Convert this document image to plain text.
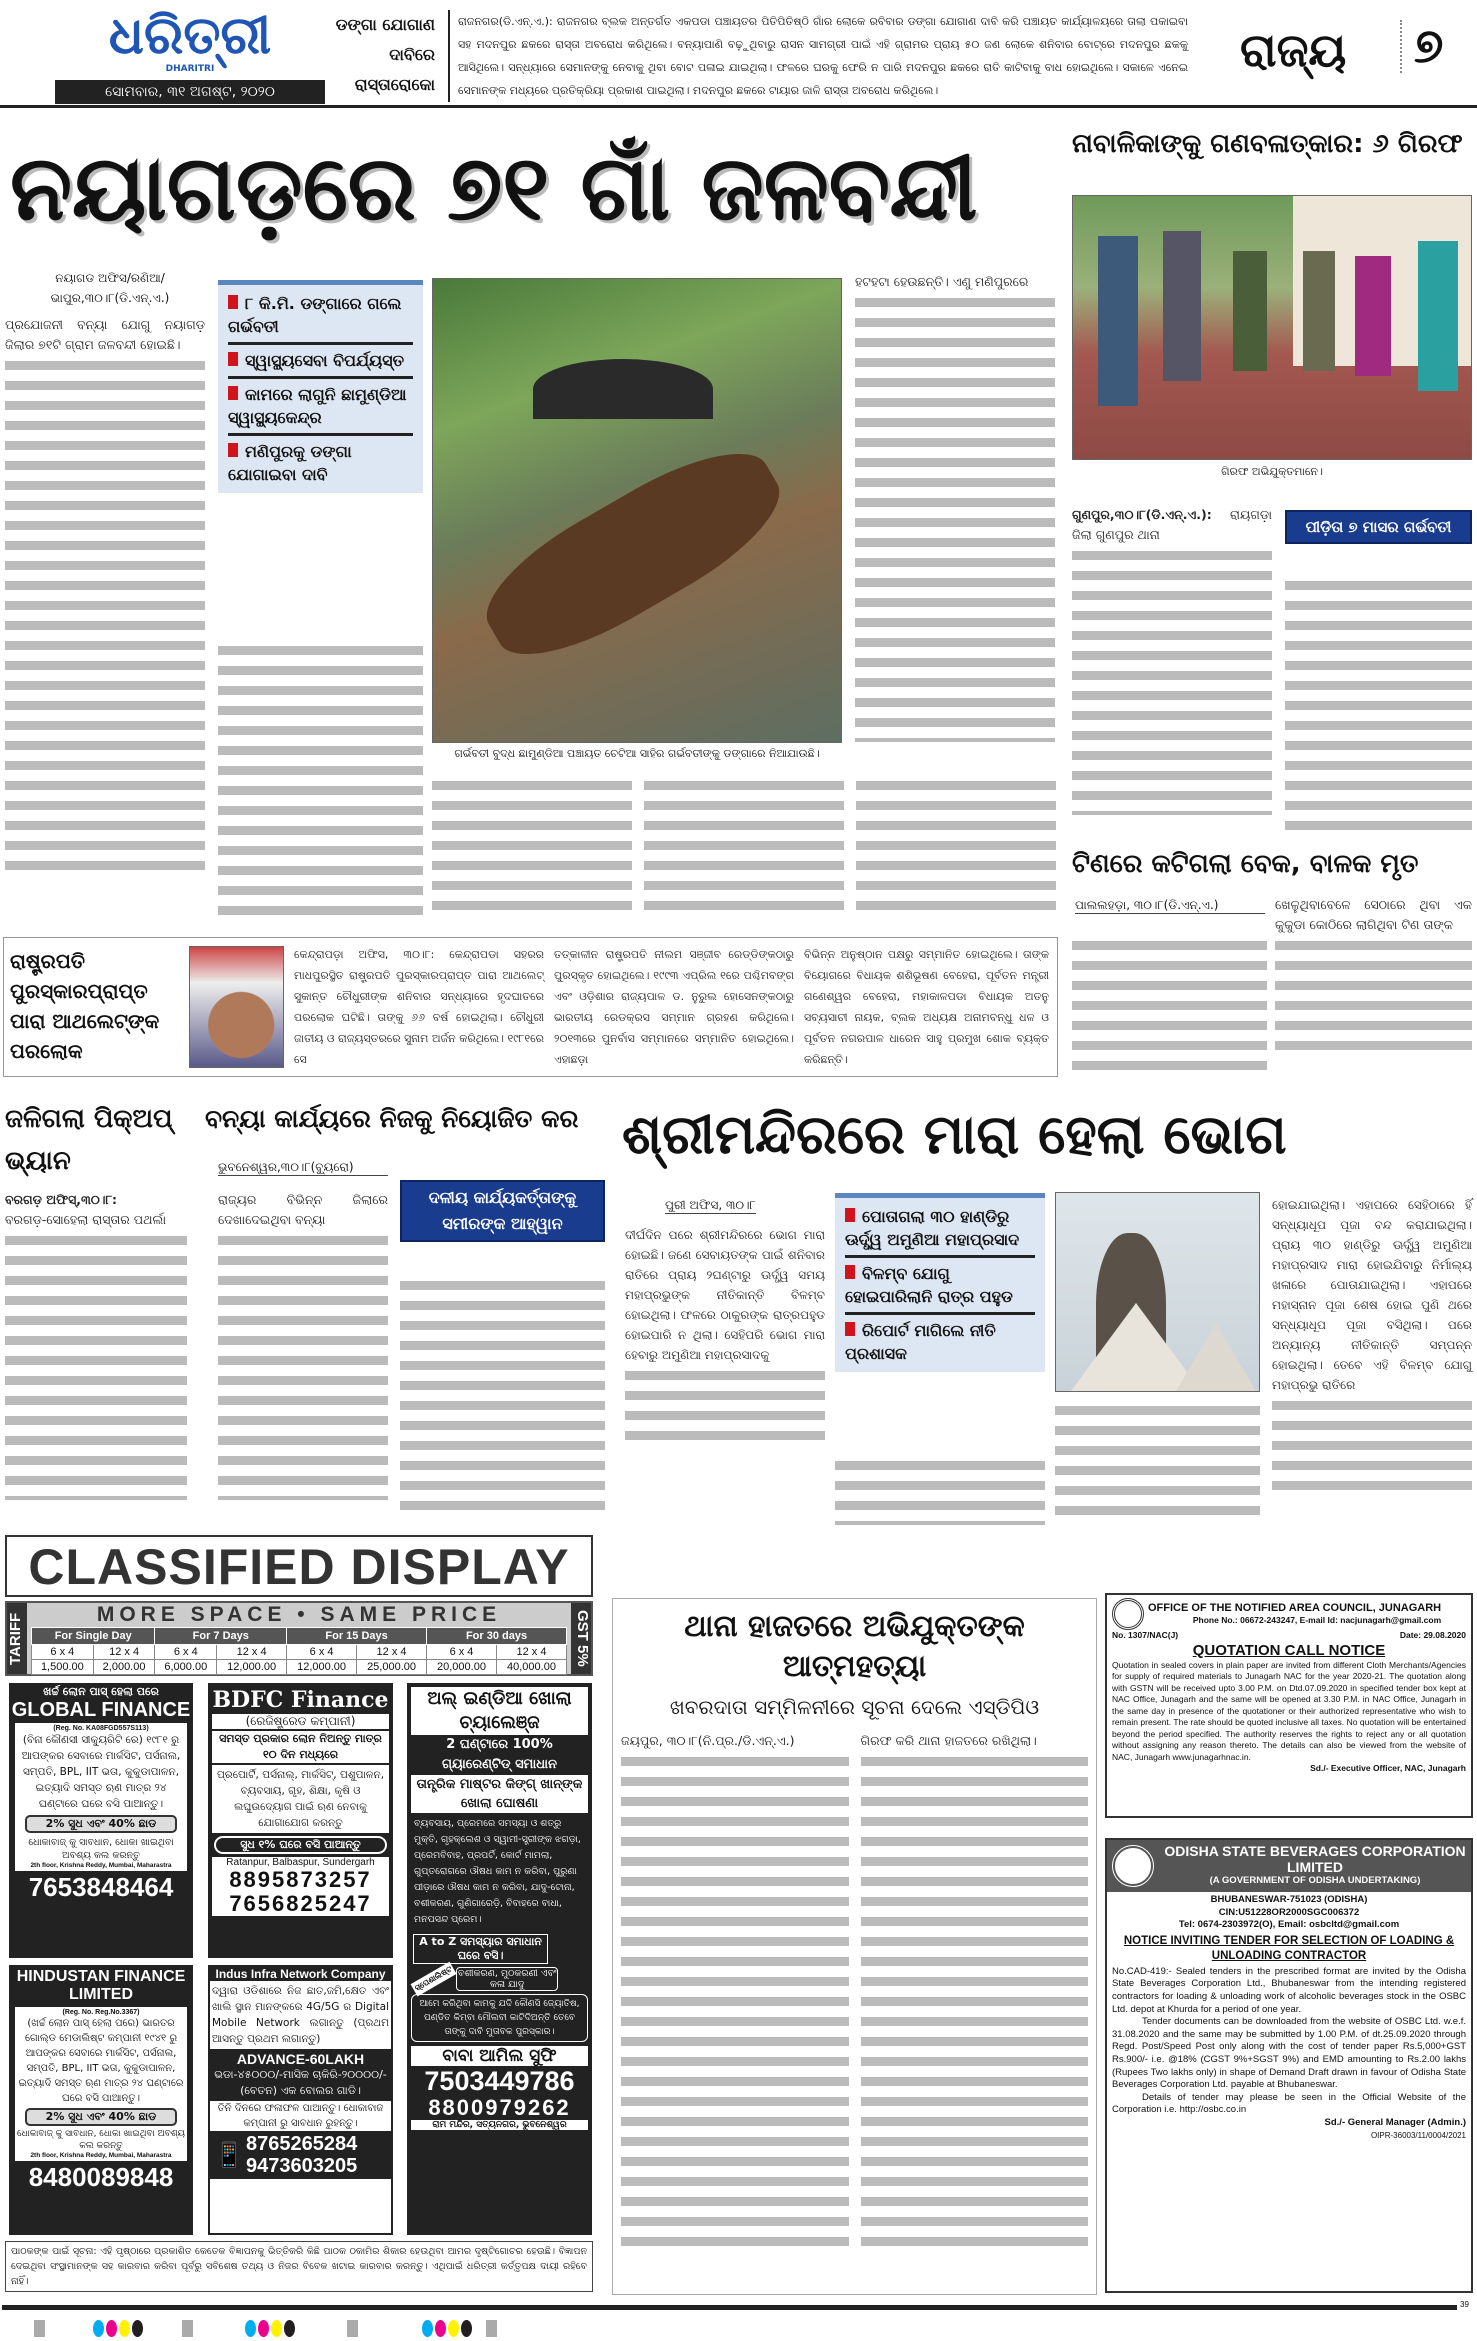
ଧରିତ୍ରୀ
DHARITRI
ସୋମବାର, ୩୧ ଅଗଷ୍ଟ, ୨୦୨୦
ଡଙ୍ଗା ଯୋଗାଣ ଦାବିରେ ରାସ୍ତାରୋକୋ
ରାଜନଗର(ଡି.ଏନ୍.ଏ.): ରାଜନଗର ବ୍ଲକ ଅନ୍ତର୍ଗତ ଏକପଡା ପଞ୍ଚାୟତର ପିତିପିତିଷ୍ଠି ଗାଁର ଲୋକେ ରବିବାର ଡଙ୍ଗା ଯୋଗାଣ ଦାବି କରି ପଞ୍ଚାୟତ କାର୍ଯ୍ୟାଳୟରେ ତାଲା ପକାଇବା ସହ ମଦନପୁର ଛକରେ ରାସ୍ତା ଅବରୋଧ କରିଥିଲେ। ବନ୍ୟାପାଣି ବଢ଼ୁଥିବାରୁ ରାସନ ସାମଗ୍ରୀ ପାଇଁ ଏହି ଗ୍ରାମର ପ୍ରାୟ ୫୦ ଜଣ ଲୋକେ ଶନିବାର ବୋଟ୍‌ରେ ମଦନପୁର ଛକକୁ ଆସିଥିଲେ। ସନ୍ଧ୍ୟାରେ ସେମାନଙ୍କୁ ନେବାକୁ ଥିବା ବୋଟ ପଳାଇ ଯାଇଥିଲା। ଫଳରେ ଘରକୁ ଫେରି ନ ପାରି ମଦନପୁର ଛକରେ ରାତି କାଟିବାକୁ ବାଧ ହୋଇଥିଲେ। ସକାଳେ ଏନେଇ ସେମାନଙ୍କ ମଧ୍ୟରେ ପ୍ରତିକ୍ରିୟା ପ୍ରକାଶ ପାଇଥିଲା। ମଦନପୁର ଛକରେ ଟାୟାର ଜାଳି ରାସ୍ତା ଅବରୋଧ କରିଥିଲେ।
ରାଜ୍ୟ ୭
ନୟାଗଡ଼ରେ ୭୧ ଗାଁ ଜଳବନ୍ଦୀ
ନୟାଗଡ ଅଫିସ/ରଣିଆ/ ଭାପୁର,୩୦।୮(ଡି.ଏନ୍.ଏ.)
ପ୍ରଯୋଜନୀ ବନ୍ୟା ଯୋଗୁ ନୟାଗଡ଼ ଜିଲାର ୭୧ଟି ଗ୍ରାମ ଜଳବନ୍ଦୀ ହୋଇଛି।
୮ କି.ମି. ଡଙ୍ଗାରେ ଗଲେ ଗର୍ଭବତୀ
ସ୍ୱାସ୍ଥ୍ୟସେବା ବିପର୍ଯ୍ୟସ୍ତ
କାମରେ ଲାଗୁନି ଛାମୁଣ୍ଡିଆ ସ୍ୱାସ୍ଥ୍ୟକେନ୍ଦ୍ର
ମଣିପୁରକୁ ଡଙ୍ଗା ଯୋଗାଇବା ଦାବି
ଗର୍ଭବତୀ ବୁଦ୍ଧ ଛାମୁଣ୍ଡିଆ ପଞ୍ଚାୟତ ଚେଟିଆ ସାହିର ଗର୍ଭବତୀଙ୍କୁ ଡଙ୍ଗାରେ ନିଆଯାଉଛି।
ହଟହଟା ହେଉଛନ୍ତି। ଏଣୁ ମଣିପୁରରେ
ନାବାଳିକାଙ୍କୁ ଗଣବଳାତ୍କାର: ୬ ଗିରଫ
ଗିରଫ ଅଭିଯୁକ୍ତମାନେ।
ଗୁଣପୁର,୩୦।୮(ଡି.ଏନ୍.ଏ.): ରାୟଗଡ଼ା ଜିଲା ଗୁଣପୁର ଥାନା	ପୀଡ଼ିତା ୭ ମାସର ଗର୍ଭବତୀ
ଟିଣରେ କଟିଗଲା ବେକ, ବାଳକ ମୃତ
ପାଲଲହଡ଼ା, ୩୦।୮(ଡି.ଏନ୍.ଏ.)	ଖେଳୁଥିବାବେଳେ ସେଠାରେ ଥିବା ଏକ କୁକୁଡା କୋଠିରେ ଲାଗିଥିବା ଟିଣ ତାଙ୍କ
ରାଷ୍ଟ୍ରପତି ପୁରସ୍କାରପ୍ରାପ୍ତ ପାରା ଆଥଲେଟ୍‌ଙ୍କ ପରଲୋକ
କେନ୍ଦ୍ରାପଡ଼ା ଅଫିସ, ୩୦।୮: କେନ୍ଦ୍ରାପଡା ସହରର ମାଧପୁରସ୍ଥିତ ରାଷ୍ଟ୍ରପତି ପୁରସ୍କାରପ୍ରାପ୍ତ ପାରା ଆଥଲେଟ୍ ସୁକାନ୍ତ ଚୌଧୁରୀଙ୍କ ଶନିବାର ସନ୍ଧ୍ୟାରେ ହୃଦଘାତରେ ପରଲୋକ ଘଟିଛି। ତାଙ୍କୁ ୬୬ ବର୍ଷ ହୋଇଥିଲା। ଚୌଧୁରୀ ଜାତୀୟ ଓ ରାଜ୍ୟସ୍ତରରେ ସୁନାମ ଅର୍ଜନ କରିଥିଲେ। ୧୯୮୧ରେ ସେ
ତତ୍କାଳୀନ ରାଷ୍ଟ୍ରପତି ନୀଲମ ସଞ୍ଜୀବ ରେଡ୍ଡିଙ୍କଠାରୁ ପୁରସ୍କୃତ ହୋଇଥିଲେ। ୧୯୯୩ ଏପ୍ରିଲ ୧ରେ ପଶ୍ଚିମବଙ୍ଗ ଏବଂ ଓଡ଼ିଶାର ରାଜ୍ୟପାଳ ଡ. ନୁରୁଲ ହୋସେନଙ୍କଠାରୁ ଭାରତୀୟ ରେଡକ୍ରସ ସମ୍ମାନ ଗ୍ରହଣ କରିଥିଲେ। ୨୦୧୩ରେ ପୁନର୍ବାସ ସମ୍ମାନରେ ସମ୍ମାନିତ ହୋଇଥିଲେ। ଏହାଛଡ଼ା
ବିଭିନ୍ନ ଅନୁଷ୍ଠାନ ପକ୍ଷରୁ ସମ୍ମାନିତ ହୋଇଥିଲେ। ତାଙ୍କ ବିୟୋଗରେ ବିଧାୟକ ଶଶିଭୂଷଣ ବେହେରା, ପୂର୍ବତନ ମନ୍ତ୍ରୀ ଗଣେଶ୍ୱର ବେହେରା, ମହାକାଳପଡା ବିଧାୟକ ଅତନୁ ସବ୍ୟସାଚୀ ନାୟକ, ବ୍ଲକ ଅଧ୍ୟକ୍ଷ ଅନାମବନ୍ଧୁ ଧଳ ଓ ପୂର୍ବତନ ନଗରପାଳ ଧାରେନ ସାହୁ ପ୍ରମୁଖ ଶୋକ ବ୍ୟକ୍ତ କରିଛନ୍ତି।
ଜଳିଗଲା ପିକ୍‌ଅପ୍ ଭ୍ୟାନ
ବରଗଡ଼ ଅଫିସ୍,୩୦।୮:
ବରଗଡ଼-ସୋହେଲା ରାସ୍ତାର ପଥର୍ଲା
ବନ୍ୟା କାର୍ଯ୍ୟରେ ନିଜକୁ ନିୟୋଜିତ କର
ଭୁବନେଶ୍ୱର,୩୦।୮(ବ୍ୟୁରୋ)
ରାଜ୍ୟର ବିଭିନ୍ନ ଜିଲାରେ ଦେଖାଦେଇଥିବା ବନ୍ୟା
ଦଳୀୟ କାର୍ଯ୍ୟକର୍ତ୍ତାଙ୍କୁ ସମୀରଙ୍କ ଆହ୍ୱାନ
ଶ୍ରୀମନ୍ଦିରରେ ମାରା ହେଲା ଭୋଗ
ପୁରୀ ଅଫିସ, ୩୦।୮
ଦୀର୍ଘଦିନ ପରେ ଶ୍ରୀମନ୍ଦିରରେ ଭୋଗ ମାରା ହୋଇଛି। ଜଣେ ସେବାୟତଙ୍କ ପାଇଁ ଶନିବାର ରାତିରେ ପ୍ରାୟ ୨ଘଣ୍ଟାରୁ ଊର୍ଦ୍ଧ୍ୱ ସମୟ ମହାପ୍ରଭୁଙ୍କ ନୀତିକାନ୍ତି ବିଳମ୍ବ ହୋଇଥିଲା। ଫଳରେ ଠାକୁରଙ୍କ ରାତ୍ରପହୁଡ ହୋଇପାରି ନ ଥିଲା। ସେହିପରି ଭୋଗ ମାରା ହେବାରୁ ଅମୁଣିଆ ମହାପ୍ରସାଦକୁ
ପୋତାଗଲା ୩୦ ହାଣ୍ଡିରୁ ଊର୍ଦ୍ଧ୍ୱ ଅମୁଣିଆ ମହାପ୍ରସାଦ
ବିଳମ୍ବ ଯୋଗୁ ହୋଇପାରିଲାନି ରାତ୍ର ପହୁଡ
ରିପୋର୍ଟ ମାଗିଲେ ନୀତି ପ୍ରଶାସକ
ହୋଇଯାଇଥିଲା। ଏହାପରେ ସେହିଠାରେ ହିଁ ସନ୍ଧ୍ୟାଧୂପ ପୂଜା ବନ୍ଦ କରାଯାଇଥିଲା। ପ୍ରାୟ ୩୦ ହାଣ୍ଡିରୁ ଊର୍ଦ୍ଧ୍ୱ ଅମୁଣିଆ ମହାପ୍ରସାଦ ମାରା ହୋଇଯିବାରୁ ନିର୍ମାଲ୍ୟ ଖଳାରେ ପୋତାଯାଇଥିଲା। ଏହାପରେ ମହାସ୍ନାନ ପୂଜା ଶେଷ ହୋଇ ପୁଣି ଥରେ ସନ୍ଧ୍ୟାଧୂପ ପୂଜା ବସିଥିଲା। ପରେ ଅନ୍ୟାନ୍ୟ ନୀତିକାନ୍ତି ସମ୍ପନ୍ନ ହୋଇଥିଲା। ତେବେ ଏହି ବିଳମ୍ବ ଯୋଗୁ ମହାପ୍ରଭୁ ରାତିରେ
CLASSIFIED DISPLAY
TARIFF	MORE SPACE • SAME PRICE
For Single Day		For 7 Days		For 15 Days		For 30 days	
6 x 4	12 x 4	6 x 4	12 x 4	6 x 4	12 x 4	6 x 4	12 x 4
1,500.00	2,000.00	6,000.00	12,000.00	12,000.00	25,000.00	20,000.00	40,000.00
GST 5%
ଖର୍ଚ୍ଚ ଲୋନ ପାସ୍ ହେଲା ପରେ
GLOBAL FINANCE
(Reg. No. KA08FGD557S113)
(ବିନା କୌଣସୀ ସୀକ୍ୟୁରିଟି ରେ) ୧୯୮୧ ରୁ ଆପଙ୍କର ସେବାରେ ମାର୍କସିଟ, ପର୍ସନାଲ, ସମ୍ପତି, BPL, IIT ଭତା, କୁକୁଡାପାଳନ, ଇତ୍ୟାଦି ସମସ୍ତ ଋଣ ମାତ୍ର ୨୪ ଘଣ୍ଟାରେ ଘରେ ବସି ପାଆନ୍ତୁ।
2% ସୁଧ ଏବଂ 40% ଛାଡ
ଧୋକାବାଜ୍ କୁ ସାବଧାନ, ଧୋକା ଖାଇଥିବା ଅବଶ୍ୟ କଲ କରନ୍ତୁ
2th floor, Krishna Reddy, Mumbai, Maharastra
7653848464
HINDUSTAN FINANCE LIMITED
(Reg. No. Reg.No.3367)
(ଖର୍ଚ୍ଚ ଲୋନ ପାସ୍ ହେଲା ପରେ) ଭାରତର ଗୋଲ୍ଡ ମେଡାଲିଷ୍ଟ କମ୍ପାନୀ ୧୯୪୧ ରୁ ଆପଙ୍କର ସେବାରେ ମାର୍କସିଟ, ପର୍ସନାଲ, ସମ୍ପତି, BPL, IIT ଭତା, କୁକୁଡାପାଳନ, ଇତ୍ୟାଦି ସମସ୍ତ ଋଣ ମାତ୍ର ୨୪ ଘଣ୍ଟାରେ ଘରେ ବସି ପାଆନ୍ତୁ।
2% ସୁଧ ଏବଂ 40% ଛାଡ
ଧୋକାବାଜ୍ କୁ ସାବଧାନ, ଧୋକା ଖାଇଥିବା ଅବଶ୍ୟ କଲ କରନ୍ତୁ
2th floor, Krishna Reddy, Mumbai, Maharastra
8480089848
BDFC Finance
(ରେଜିଷ୍ଟ୍ରେଡ କମ୍ପାନୀ)
ସମସ୍ତ ପ୍ରକାର ଲୋନ ନିଅନ୍ତୁ ମାତ୍ର ୧୦ ଦିନ ମଧ୍ୟରେ
ପ୍ରପୋର୍ଟି, ପର୍ସନାଲ୍, ମାର୍କସିଟ୍, ପଶୁପାଳନ, ବ୍ୟବସାୟ, ଗୃହ, ଶିକ୍ଷା, କୃଷି ଓ ଲଘୁଉଦ୍ୟୋଗ ପାଇଁ ଋଣ ନେବାକୁ ଯୋଗାଯୋଗ କରନ୍ତୁ
ସୁଧ ୧% ଘରେ ବସି ପାଆନ୍ତୁ
Ratanpur, Balbaspur, Sundergarh
8895873257
7656825247
Indus Infra Network Company
ଦ୍ୱାରା ଓଡିଶାରେ ନିଜ ଛାତ,ଜମି,କ୍ଷେତ ଏବଂ ଖାଲି ସ୍ଥାନ ମାନଙ୍କରେ 4G/5G ର Digital Mobile Network ଲଗାନ୍ତୁ (ପ୍ରଥମ ଆସନ୍ତୁ ପ୍ରଥମ ଲଗାନ୍ତୁ)
ADVANCE-60LAKH
ଭଡା-୪୫୦୦୦/-ମାସିକ ଚାକିରି-୨୦୦୦୦/-(ବେତନ) ଏକ ବୋଲର ଗାଡି।
ତିନି ଦିନରେ ଫଳାଫଳ ପାଆନ୍ତୁ। ଧୋକାବାଜ କମ୍ପାନୀ ରୁ ସାବଧାନ ରୁହନ୍ତୁ।
📱 8765265284
9473603205
ଅଲ୍ ଇଣ୍ଡିଆ ଖୋଲା ଚ୍ୟାଲେଞ୍ଜ
2 ଘଣ୍ଟାରେ 100% ଗ୍ୟାରେଣ୍ଟିଡ୍ ସମାଧାନ
ତାନ୍ତ୍ରିକ ମାଷ୍ଟର କିଙ୍ଗ୍ ଖାନ୍‌ଙ୍କ ଖୋଲା ଘୋଷଣା
ବ୍ୟବସାୟ, ପ୍ରେମରେ ସମସ୍ୟା ଓ ଶତ୍ରୁ ମୁକ୍ତି, ଗୃହକ୍ଲେଶ ଓ ସ୍ୱାମୀ-ସ୍ତ୍ରୀଙ୍କ ଝଗଡ଼ା, ପ୍ରେମବିବାହ, ପ୍ରପର୍ଟି, କୋର୍ଟ ମାମଲା, ଗୁପ୍ତରୋଗରେ ଔଷଧ କାମ ନ କରିବା, ପୁରୁଣା ପୀଡ଼ାରେ ଔଷଧ କାମ ନ କରିବା, ଯାଦୁ-ଟୋନା, ବଶୀକରଣ, ଗୁଣିଗାରେଡ଼ି, ବିବାହରେ ବାଧା, ମନପସନ୍ଦ ପ୍ରେମ।
A to Z ସମସ୍ୟାର ସମାଧାନ ଘରେ ବସି।
ସ୍ପେଶାଲିଷ୍ଟ ବଶୀକରଣ, ମୁଠକରଣୀ ଏବଂ କଳା ଯାଦୁ
ଆମେ କରିଥିବା କାମକୁ ଯଦି କୌଣସି ଜ୍ୟୋତିଷ, ପଣ୍ଡିତ କିମ୍ବା ମୌଲବୀ କାଟିଦିଅନ୍ତି ତେବେ ତାଙ୍କୁ ଦାବି ମୁତାବକ ପୁରସ୍କାର।
ବାବା ଆମିଲ ସୁଫି
7503449786
8800979262
ରାମ ମନ୍ଦିର, ସତ୍ୟନଗର, ଭୁବନେଶ୍ୱର
ପାଠକଙ୍କ ପାଇଁ ସୂଚନା: ଏହି ପୃଷ୍ଠାରେ ପ୍ରକାଶିତ କେତେକ ବିଜ୍ଞାପନକୁ ଭିତ୍ତିକରି କିଛି ପାଠକ ଠକାମିର ଶିକାର ହେଉଥିବା ଆମର ଦୃଷ୍ଟିଗୋଚର ହେଉଛି। ବିଜ୍ଞାପନ ଦେଇଥିବା ସଂସ୍ଥାମାନଙ୍କ ସହ କାରବାର କରିବା ପୂର୍ବରୁ ସବିଶେଷ ତଥ୍ୟ ଓ ନିଜର ବିବେକ ଖଟାଇ କାରବାର କରନ୍ତୁ। ଏଥିପାଇଁ ଧରିତ୍ରୀ କର୍ତ୍ତୃପକ୍ଷ ଦାୟୀ ରହିବେ ନାହିଁ।
ଥାନା ହାଜତରେ ଅଭିଯୁକ୍ତଙ୍କ ଆତ୍ମହତ୍ୟା
ଖବରଦାତା ସମ୍ମିଳନୀରେ ସୂଚନା ଦେଲେ ଏସ୍‌ଡିପିଓ
ଜୟପୁର, ୩୦।୮(ନି.ପ୍ର./ଡି.ଏନ୍.ଏ.)	ଗିରଫ କରି ଥାନା ହାଜତରେ ରଖିଥିଲା।
OFFICE OF THE NOTIFIED AREA COUNCIL, JUNAGARH
Phone No.: 06672-243247, E-mail Id: nacjunagarh@gmail.com
No. 1307/NAC(J)	Date: 29.08.2020
QUOTATION CALL NOTICE
Quotation in sealed covers in plain paper are invited from different Cloth Merchants/Agencies for supply of required materials to Junagarh NAC for the year 2020-21. The quotation along with GSTN will be received upto 3.00 P.M. on Dtd.07.09.2020 in specified tender box kept at NAC Office, Junagarh and the same will be opened at 3.30 P.M. in NAC Office, Junagarh in the same day in presence of the quotationer or their authorized representative who wish to remain present. The rate should be quoted inclusive all taxes. No quotation will be entertained beyond the period specified. The authority reserves the rights to reject any or all quotation without assigning any reason thereto. The details can also be viewed from the website of NAC, Junagarh www.junagarhnac.in.
Sd./- Executive Officer, NAC, Junagarh
ODISHA STATE BEVERAGES CORPORATION LIMITED
(A GOVERNMENT OF ODISHA UNDERTAKING)
BHUBANESWAR-751023 (ODISHA)
CIN:U51228OR2000SGC006372
Tel: 0674-2303972(O), Email: osbcltd@gmail.com
NOTICE INVITING TENDER FOR SELECTION OF LOADING & UNLOADING CONTRACTOR
No.CAD-419:- Sealed tenders in the prescribed format are invited by the Odisha State Beverages Corporation Ltd., Bhubaneswar from the intending registered contractors for loading & unloading work of alcoholic beverages stock in the OSBC Ltd. depot at Khurda for a period of one year.
Tender documents can be downloaded from the website of OSBC Ltd. w.e.f. 31.08.2020 and the same may be submitted by 1.00 P.M. of dt.25.09.2020 through Regd. Post/Speed Post only along with the cost of tender paper Rs.5,000+GST Rs.900/- i.e. @18% (CGST 9%+SGST 9%) and EMD amounting to Rs.2.00 lakhs (Rupees Two lakhs only) in shape of Demand Draft drawn in favour of Odisha State Beverages Corporation Ltd. payable at Bhubaneswar.
Details of tender may please be seen in the Official Website of the Corporation i.e. http://osbc.co.in
Sd./- General Manager (Admin.)
OIPR-36003/11/0004/2021
39
